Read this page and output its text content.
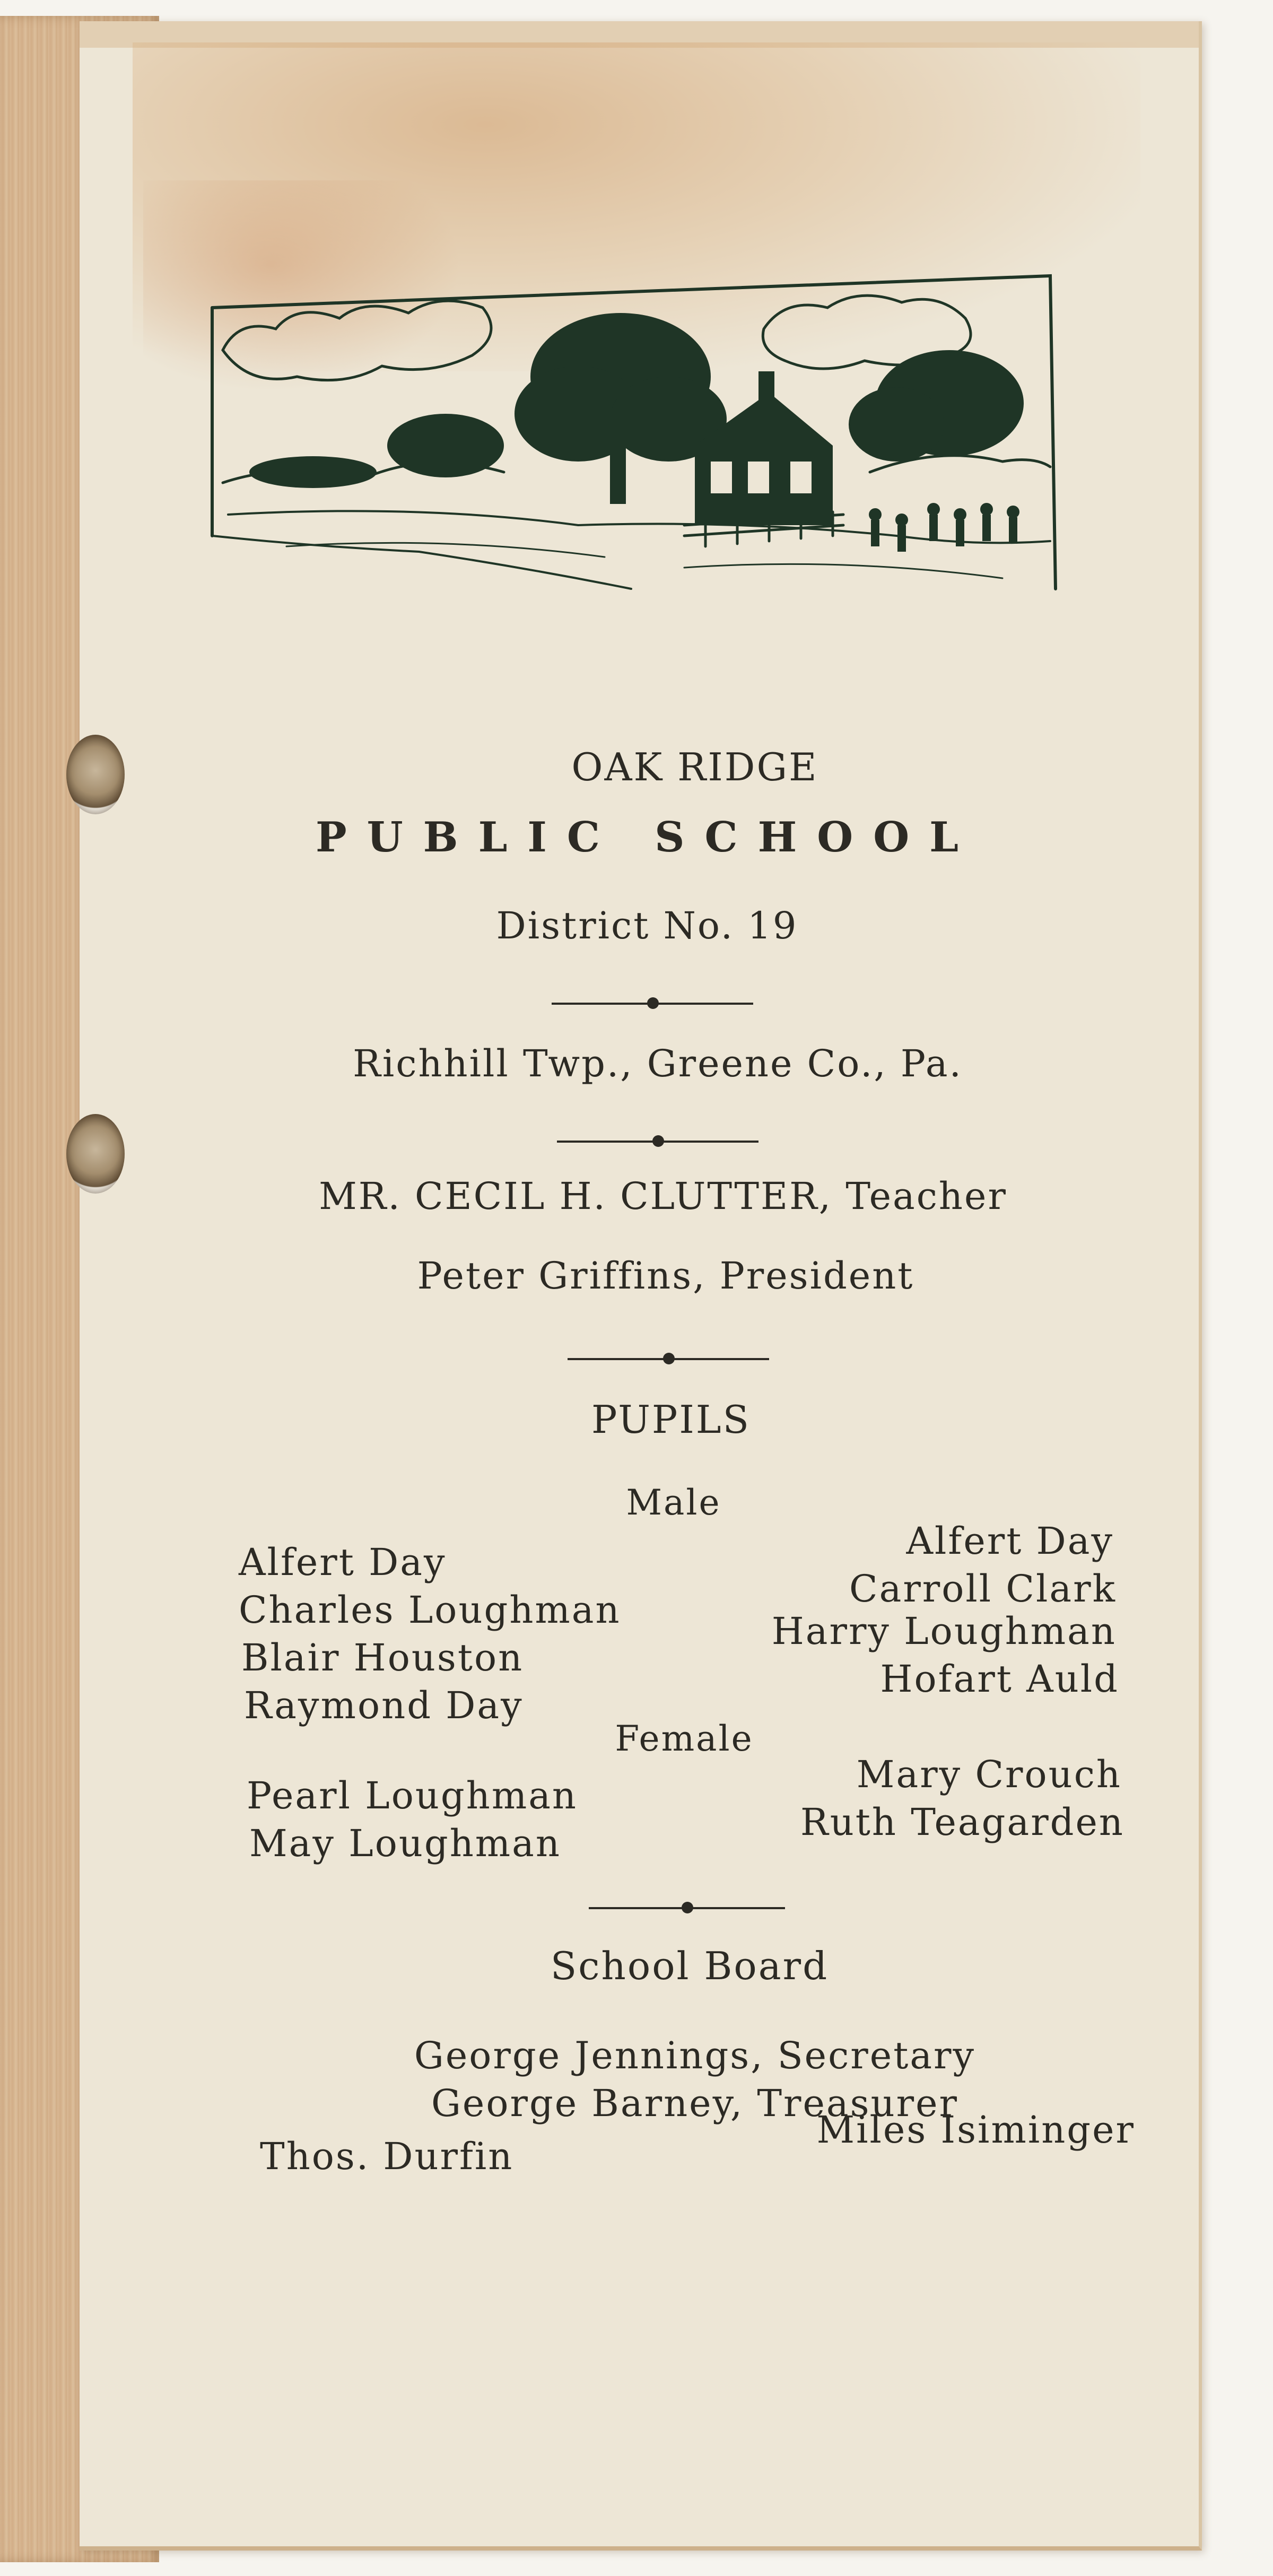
OAK RIDGE
PUBLIC SCHOOL
District No. 19
Richhill Twp., Greene Co., Pa.
MR. CECIL H. CLUTTER, Teacher
Peter Griffins, President
PUPILS
Male
Alfert Day
Charles Loughman
Blair Houston
Raymond Day
Alfert Day
Carroll Clark
Harry Loughman
Hofart Auld
Female
Pearl Loughman
May Loughman
Mary Crouch
Ruth Teagarden
School Board
George Jennings, Secretary
George Barney, Treasurer
Thos. Durfin
Miles Isiminger
